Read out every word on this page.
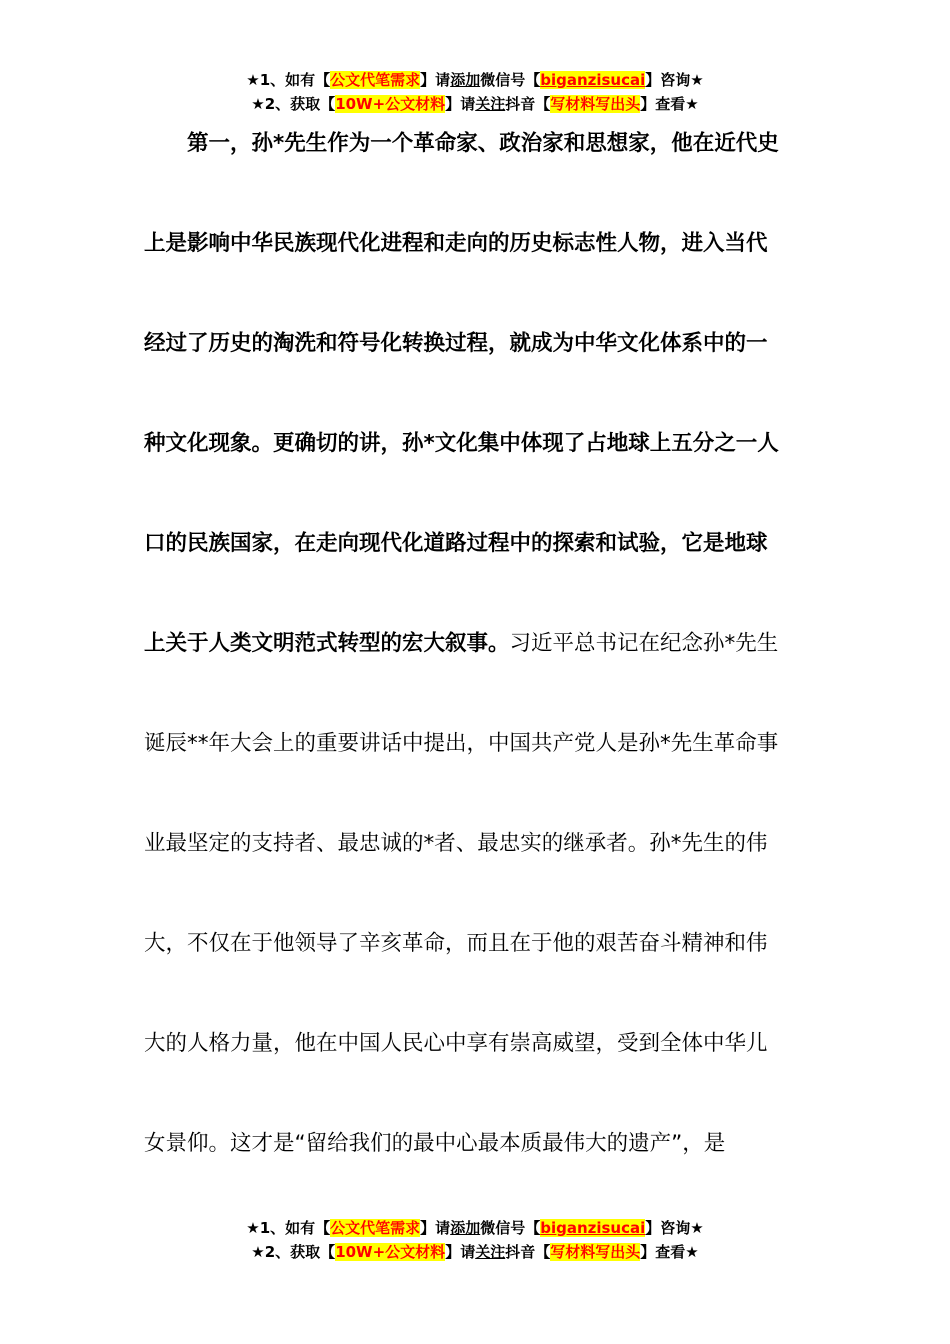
★1、如有【公文代笔需求】请添加微信号【biganzisucai】咨询★
★2、获取【10W+公文材料】请关注抖音【写材料写出头】查看★
第一，孙*先生作为一个革命家、政治家和思想家，他在近代史
上是影响中华民族现代化进程和走向的历史标志性人物，进入当代
经过了历史的淘洗和符号化转换过程，就成为中华文化体系中的一
种文化现象。更确切的讲，孙*文化集中体现了占地球上五分之一人
口的民族国家，在走向现代化道路过程中的探索和试验，它是地球
上关于人类文明范式转型的宏大叙事。习近平总书记在纪念孙*先生
诞辰**年大会上的重要讲话中提出，中国共产党人是孙*先生革命事
业最坚定的支持者、最忠诚的*者、最忠实的继承者。孙*先生的伟
大，不仅在于他领导了辛亥革命，而且在于他的艰苦奋斗精神和伟
大的人格力量，他在中国人民心中享有崇高威望，受到全体中华儿
女景仰。这才是“留给我们的最中心最本质最伟大的遗产”，是
★1、如有【公文代笔需求】请添加微信号【biganzisucai】咨询★
★2、获取【10W+公文材料】请关注抖音【写材料写出头】查看★
